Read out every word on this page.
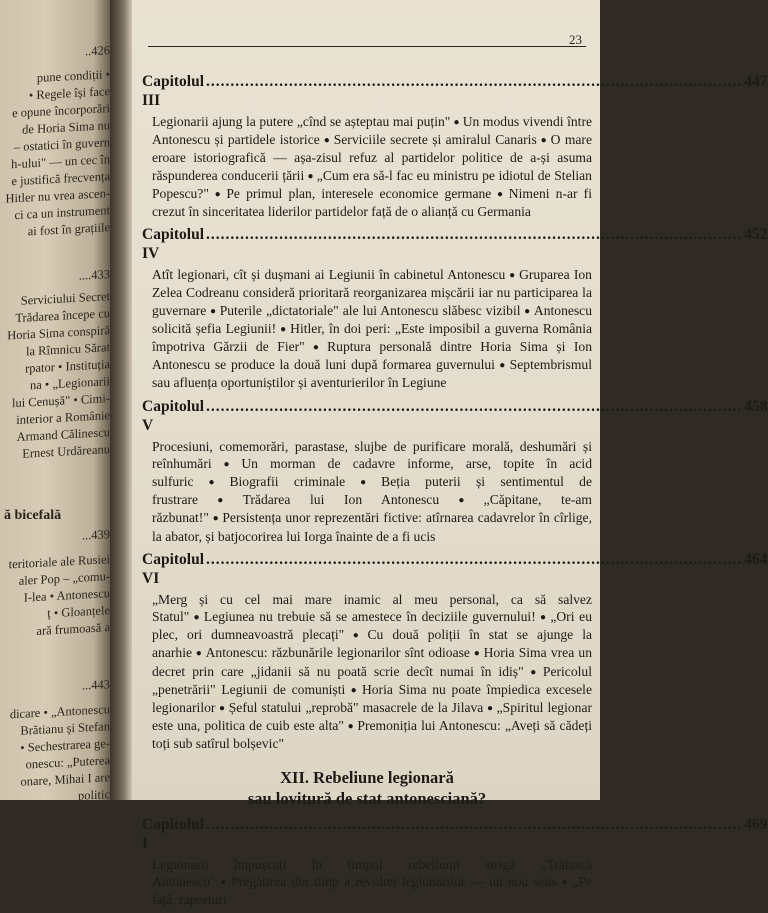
ă bicefală
..426
pune condiții •
• Regele își face
e opune încorporări
de Horia Sima nu
– ostatici în guvern
h-ului" — un cec în
e justifică frecvența
Hitler nu vrea ascen-
ci ca un instrument
ai fost în grațiile
....433
Serviciului Secret
Trădarea începe cu
Horia Sima conspiră
la Rîmnicu Sărat
rpator • Instituția
na • „Legionarii
lui Cenușă" • Cimi-
interior a Românie
Armand Călinescu
Ernest Urdăreanu
...439
teritoriale ale Rusiei
aler Pop – „comu-
I-lea • Antonescu
ț • Gloanțele
ară frumoasă a
...443
dicare • „Antonescu
Brătianu și Stefan
• Sechestrarea ge-
onescu: „Puterea
onare, Mihai I are
politic
23
Capitolul III
.............................................................................................................. 447

Legionarii ajung la putere „cînd se așteptau mai puțin" ● Un modus vivendi între Antonescu și partidele istorice ● Serviciile secrete și amiralul Canaris ● O mare eroare istoriografică — așa-zisul refuz al partidelor politice de a-și asuma răspunderea conducerii țării ● „Cum era să-l fac eu ministru pe idiotul de Stelian Popescu?" ● Pe primul plan, interesele economice germane ● Nimeni n-ar fi crezut în sinceritatea liderilor partidelor față de o alianță cu Germania

Capitolul IV
.............................................................................................................. 452

Atît legionari, cît și dușmani ai Legiunii în cabinetul Antonescu ● Gruparea Ion Zelea Codreanu consideră prioritară reorganizarea mișcării iar nu participarea la guvernare ● Puterile „dictatoriale" ale lui Antonescu slăbesc vizibil ● Antonescu solicită șefia Legiunii! ● Hitler, în doi peri: „Este imposibil a guverna România împotriva Gărzii de Fier" ● Ruptura personală dintre Horia Sima și Ion Antonescu se produce la două luni după formarea guvernului ● Septembrismul sau afluența oportuniștilor și aventurierilor în Legiune

Capitolul V
.............................................................................................................. 458

Procesiuni, comemorări, parastase, slujbe de purificare morală, deshumări și reînhumări ● Un morman de cadavre informe, arse, topite în acid sulfuric ● Biografii criminale ● Beția puterii și sentimentul de frustrare ● Trădarea lui Ion Antonescu ● „Căpitane, te-am răzbunat!" ● Persistența unor reprezentări fictive: atîrnarea cadavrelor în cîrligе, la abator, și batjocorirea lui Iorga înainte de a fi ucis

Capitolul VI
.............................................................................................................. 464

„Merg și cu cel mai mare inamic al meu personal, ca să salvez Statul" ● Legiunea nu trebuie să se amestece în deciziile guvernului! ● „Ori eu plec, ori dumneavoastră plecați" ● Cu două poliții în stat se ajunge la anarhie ● Antonescu: răzbunările legionarilor sînt odioase ● Horia Sima vrea un decret prin care „jidanii să nu poată scrie decît numai în idiș" ● Pericolul „penetrării" Legiunii de comuniști ● Horia Sima nu poate împiedica excesele legionarilor ● Șeful statului „reprobă" masacrele de la Jilava ● „Spiritul legionar este una, politica de cuib este alta" ● Premoniția lui Antonescu: „Aveți să cădeți toți sub satîrul bolșevic"

XII. Rebeliune legionară
sau lovitură de stat antonesciană?
Capitolul I
.............................................................................................................. 469

Legionarii împușcați în timpul rebeliunii strigă „Trăiască Antonescu" ● Pregătirea din timp a revoltei legionarilor — un nou sens ● „Pe față, raporturi
